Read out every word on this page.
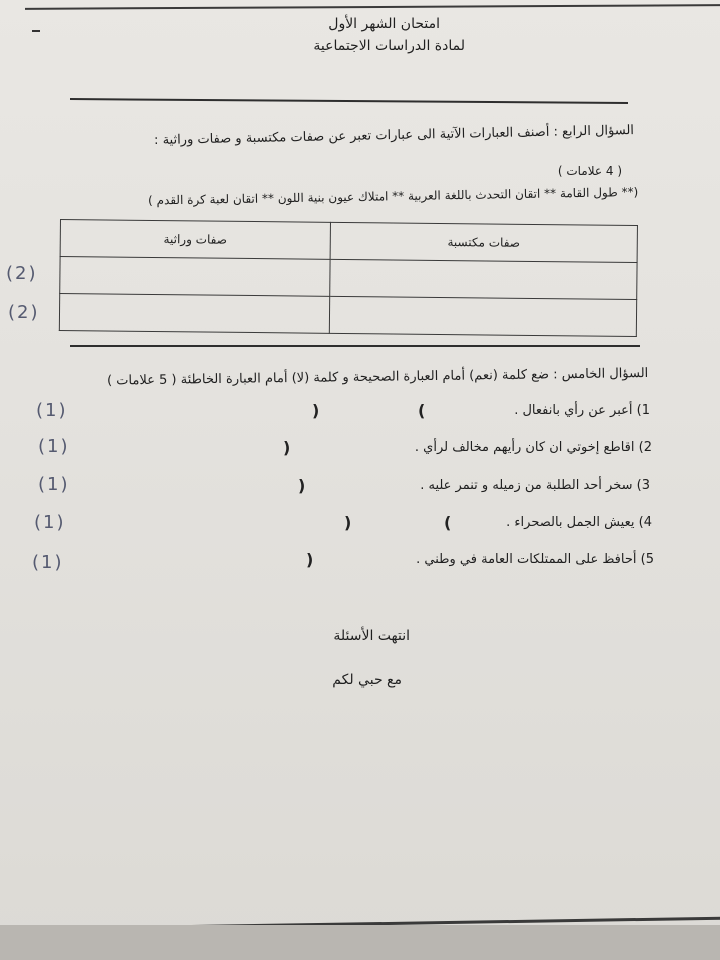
امتحان الشهر الأول
لمادة الدراسات الاجتماعية
السؤال الرابع : أصنف العبارات الآتية الى عبارات تعبر عن صفات مكتسبة و صفات وراثية :
( 4 علامات )
(** طول القامة ** اتقان التحدث باللغة العربية ** امتلاك عيون بنية اللون ** اتقان لعبة كرة القدم )
صفات وراثية	صفات مكتسبة

(2)
(2)
السؤال الخامس : ضع كلمة (نعم) أمام العبارة الصحيحة و كلمة (لا) أمام العبارة الخاطئة ( 5 علامات )
1) أعبر عن رأي بانفعال .
(
)
(1)
2) اقاطع إخوتي ان كان رأيهم مخالف لرأي .
)
(1)
3) سخر أحد الطلبة من زميله و تنمر عليه .
)
(1)
4) يعيش الجمل بالصحراء .
(
)
(1)
5) أحافظ على الممتلكات العامة في وطني .
)
(1)
انتهت الأسئلة
مع حبي لكم
